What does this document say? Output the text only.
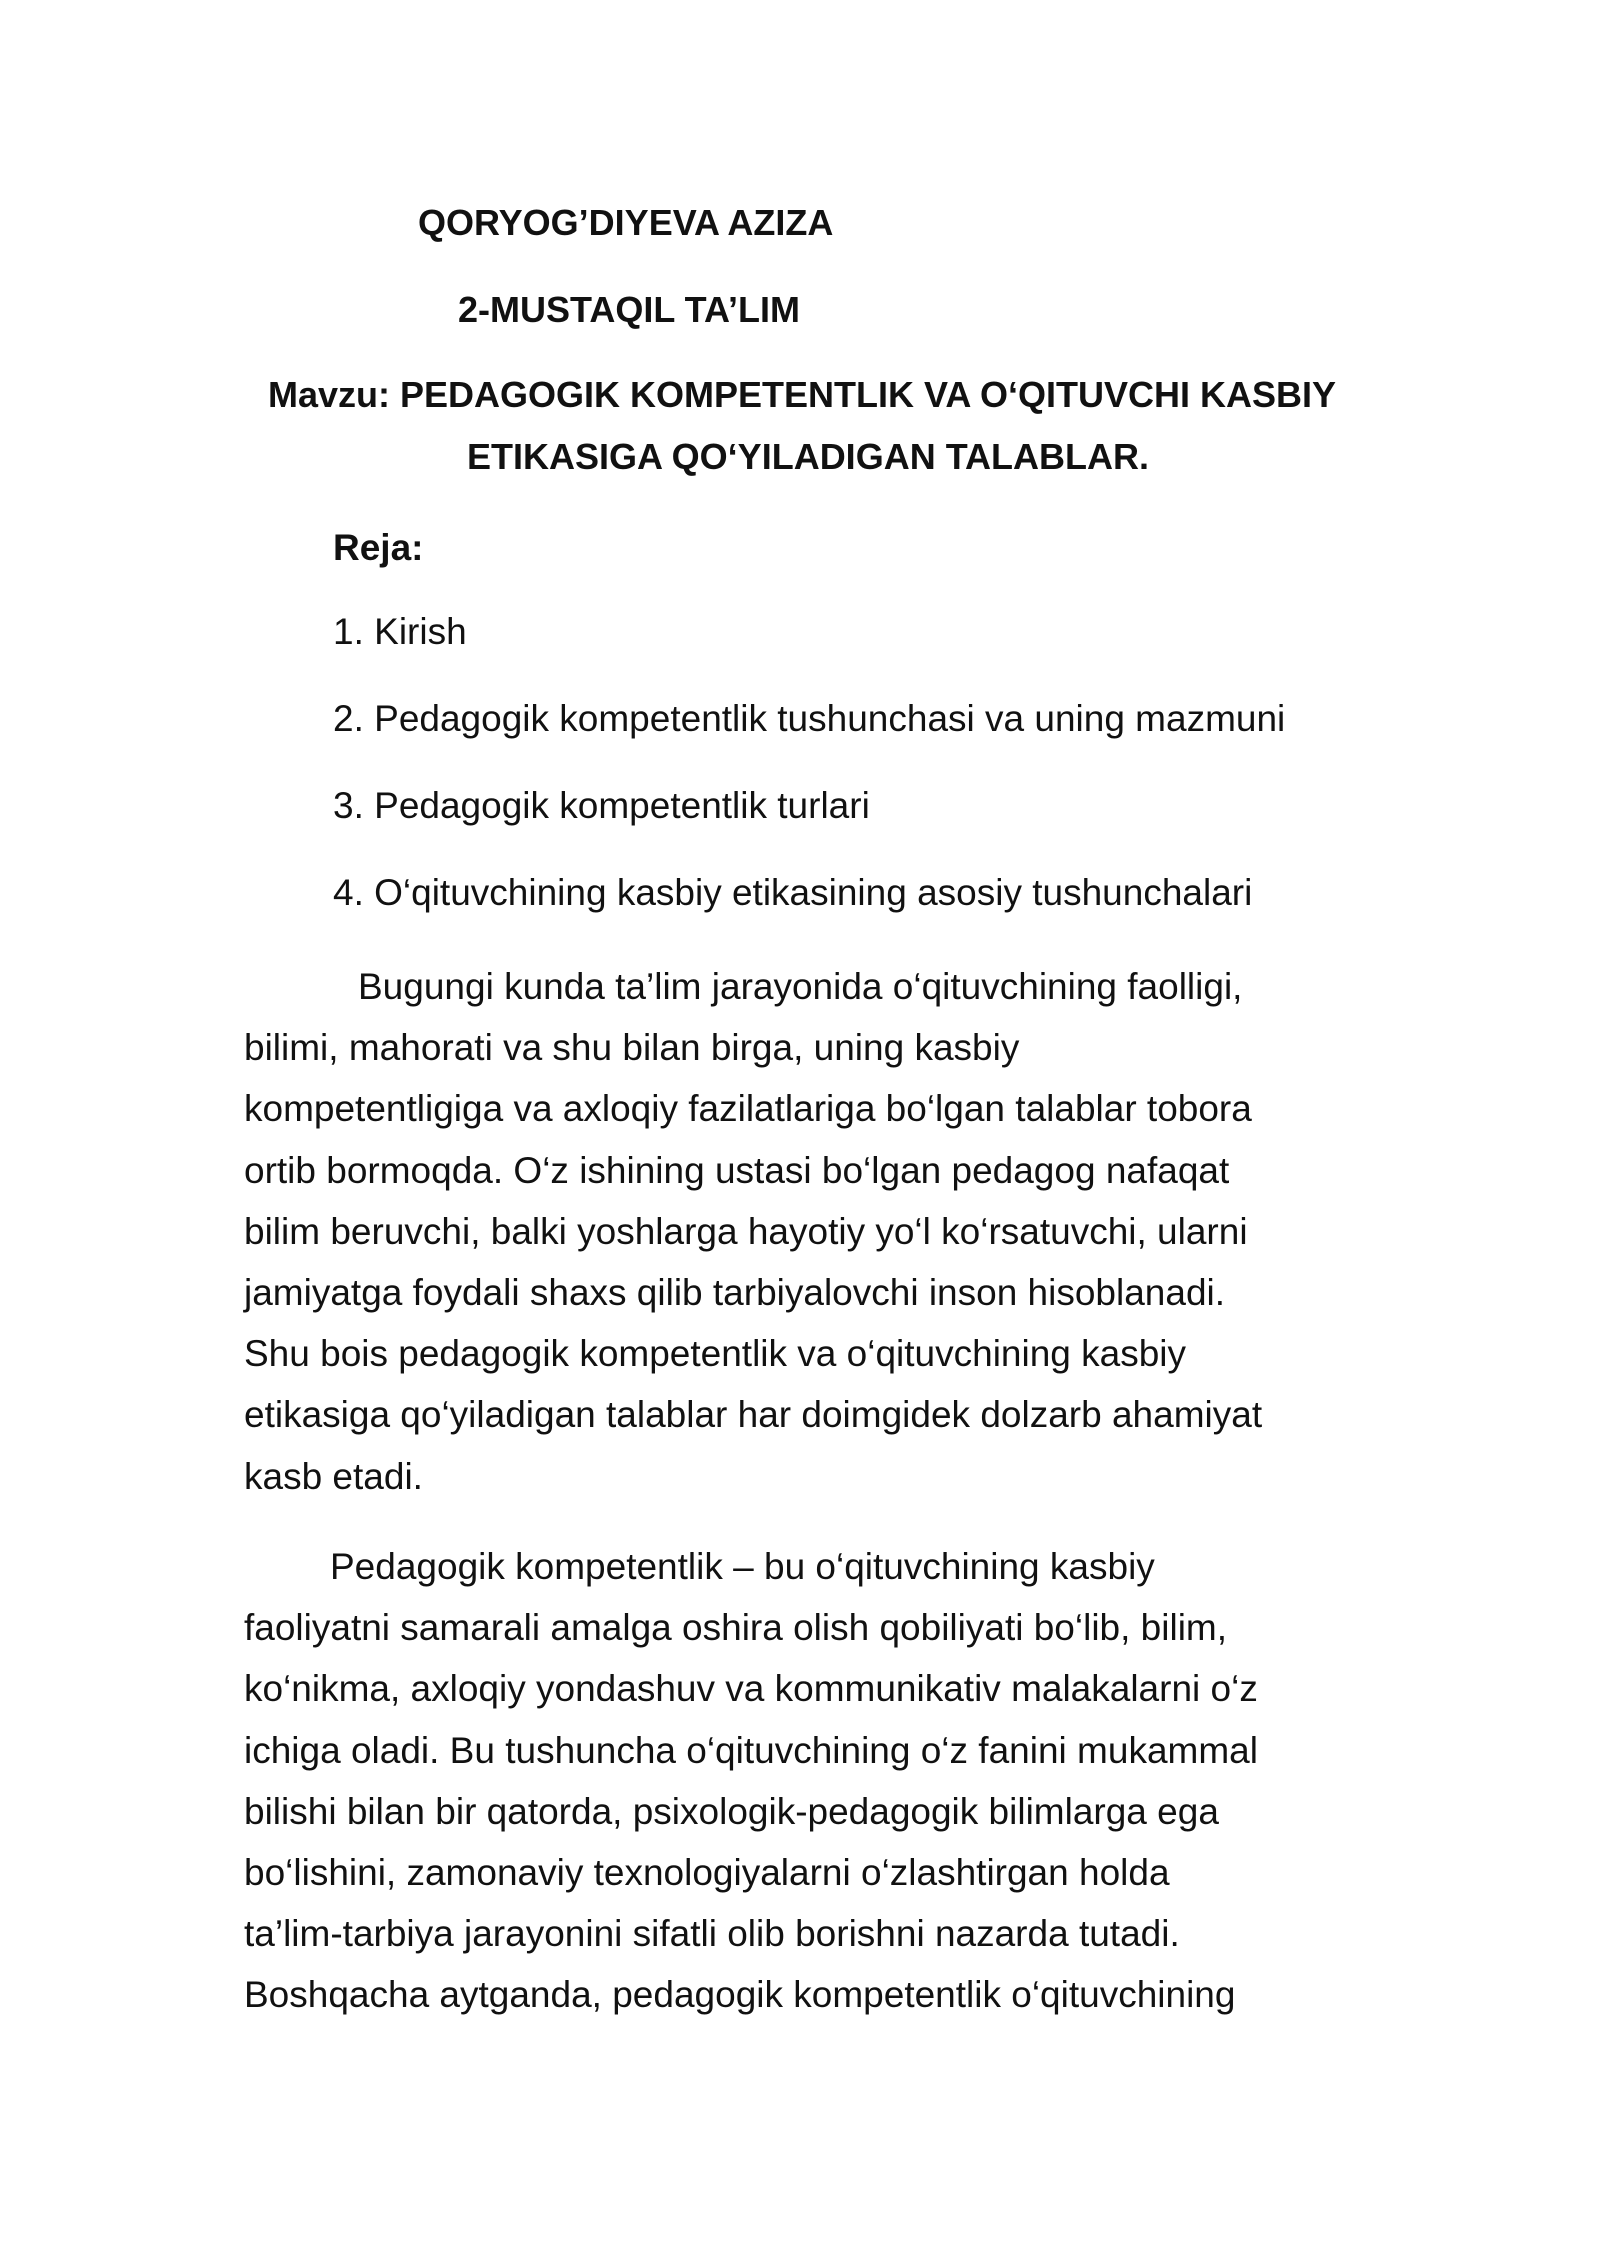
QORYOG’DIYEVA AZIZA
2-MUSTAQIL TA’LIM
Mavzu: PEDAGOGIK KOMPETENTLIK VA O‘QITUVCHI KASBIY
ETIKASIGA QO‘YILADIGAN TALABLAR.
Reja:
1. Kirish
2. Pedagogik kompetentlik tushunchasi va uning mazmuni
3. Pedagogik kompetentlik turlari
4. O‘qituvchining kasbiy etikasining asosiy tushunchalari

Bugungi kunda ta’lim jarayonida o‘qituvchining faolligi,
bilimi, mahorati va shu bilan birga, uning kasbiy
kompetentligiga va axloqiy fazilatlariga bo‘lgan talablar tobora
ortib bormoqda. O‘z ishining ustasi bo‘lgan pedagog nafaqat
bilim beruvchi, balki yoshlarga hayotiy yo‘l ko‘rsatuvchi, ularni
jamiyatga foydali shaxs qilib tarbiyalovchi inson hisoblanadi.
Shu bois pedagogik kompetentlik va o‘qituvchining kasbiy
etikasiga qo‘yiladigan talablar har doimgidek dolzarb ahamiyat
kasb etadi.

Pedagogik kompetentlik – bu o‘qituvchining kasbiy
faoliyatni samarali amalga oshira olish qobiliyati bo‘lib, bilim,
ko‘nikma, axloqiy yondashuv va kommunikativ malakalarni o‘z
ichiga oladi. Bu tushuncha o‘qituvchining o‘z fanini mukammal
bilishi bilan bir qatorda, psixologik-pedagogik bilimlarga ega
bo‘lishini, zamonaviy texnologiyalarni o‘zlashtirgan holda
ta’lim-tarbiya jarayonini sifatli olib borishni nazarda tutadi.
Boshqacha aytganda, pedagogik kompetentlik o‘qituvchining
